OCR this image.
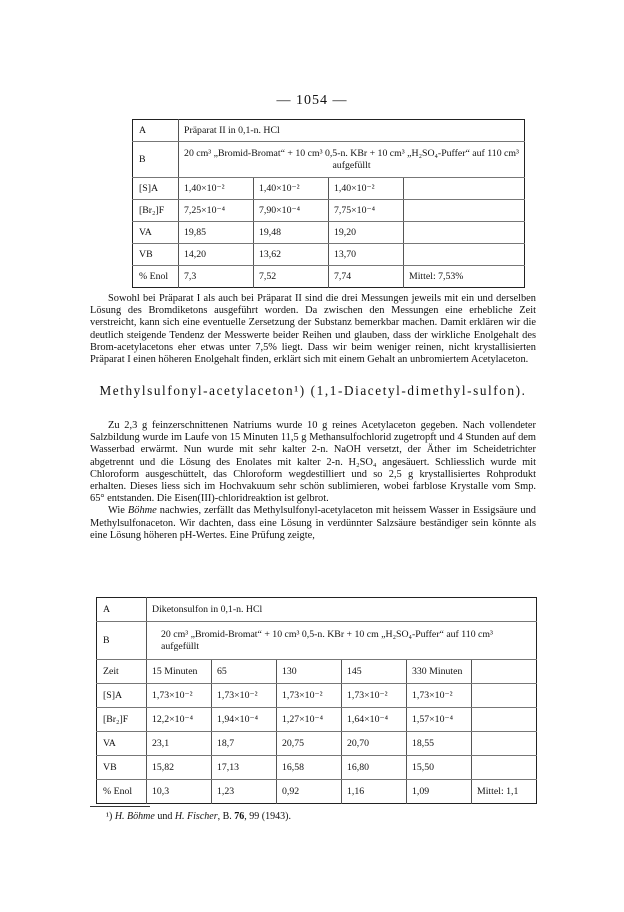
— 1054 —
A	Präparat II in 0,1-n. HCl			
B	20 cm³ „Bromid-Bromat“ + 10 cm³ 0,5-n. KBr + 10 cm³ „H₂SO₄-Puffer“ auf 110 cm³ aufgefüllt			
[S]A	1,40×10⁻²	1,40×10⁻²	1,40×10⁻²	
[Br₂]F	7,25×10⁻⁴	7,90×10⁻⁴	7,75×10⁻⁴	
VA	19,85	19,48	19,20	
VB	14,20	13,62	13,70	
% Enol	7,3	7,52	7,74	Mittel: 7,53%
Sowohl bei Präparat I als auch bei Präparat II sind die drei Messungen jeweils mit ein und derselben Lösung des Bromdiketons ausgeführt worden. Da zwischen den Messungen eine erhebliche Zeit verstreicht, kann sich eine eventuelle Zersetzung der Substanz bemerkbar machen. Damit erklären wir die deutlich steigende Tendenz der Messwerte beider Reihen und glauben, dass der wirkliche Enolgehalt des Brom-acetylacetons eher etwas unter 7,5% liegt. Dass wir beim weniger reinen, nicht krystallisierten Präparat I einen höheren Enolgehalt finden, erklärt sich mit einem Gehalt an unbromiertem Acetylaceton.
Methylsulfonyl-acetylaceton¹) (1,1-Diacetyl-dimethyl-sulfon).
Zu 2,3 g feinzerschnittenen Natriums wurde 10 g reines Acetylaceton gegeben. Nach vollendeter Salzbildung wurde im Laufe von 15 Minuten 11,5 g Methansulfochlorid zugetropft und 4 Stunden auf dem Wasserbad erwärmt. Nun wurde mit sehr kalter 2-n. NaOH versetzt, der Äther im Scheidetrichter abgetrennt und die Lösung des Enolates mit kalter 2-n. H₂SO₄ angesäuert. Schliesslich wurde mit Chloroform ausgeschüttelt, das Chloroform wegdestilliert und so 2,5 g krystallisiertes Rohprodukt erhalten. Dieses liess sich im Hochvakuum sehr schön sublimieren, wobei farblose Krystalle vom Smp. 65° entstanden. Die Eisen(III)-chloridreaktion ist gelbrot.
Wie Böhme nachwies, zerfällt das Methylsulfonyl-acetylaceton mit heissem Wasser in Essigsäure und Methylsulfonaceton. Wir dachten, dass eine Lösung in verdünnter Salzsäure beständiger sein könnte als eine Lösung höheren pH-Wertes. Eine Prüfung zeigte,
A	Diketonsulfon in 0,1-n. HCl					
B	20 cm³ „Bromid-Bromat“ + 10 cm³ 0,5-n. KBr + 10 cm „H₂SO₄-Puffer“ auf 110 cm³ aufgefüllt					
Zeit	15 Minuten	65	130	145	330 Minuten	
[S]A	1,73×10⁻²	1,73×10⁻²	1,73×10⁻²	1,73×10⁻²	1,73×10⁻²	
[Br₂]F	12,2×10⁻⁴	1,94×10⁻⁴	1,27×10⁻⁴	1,64×10⁻⁴	1,57×10⁻⁴	
VA	23,1	18,7	20,75	20,70	18,55	
VB	15,82	17,13	16,58	16,80	15,50	
% Enol	10,3	1,23	0,92	1,16	1,09	Mittel: 1,1
¹) H. Böhme und H. Fischer, B. 76, 99 (1943).
